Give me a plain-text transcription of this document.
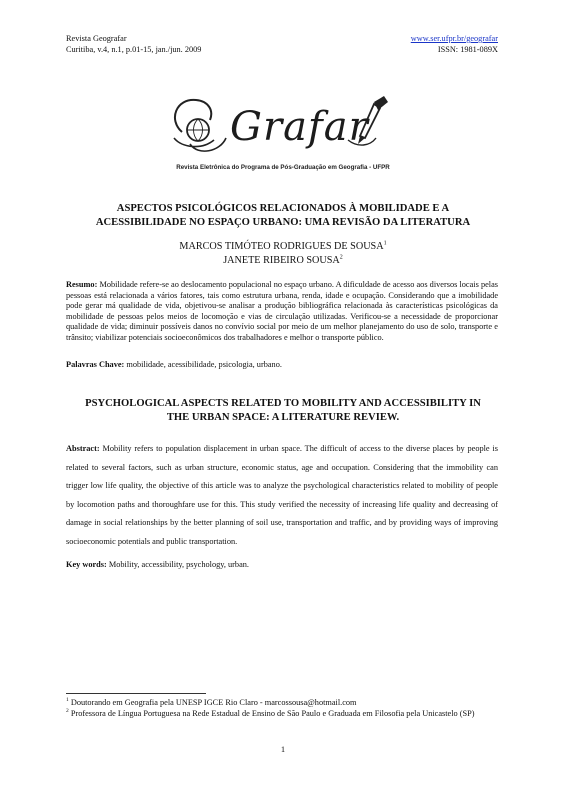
Revista Geografar
Curitiba, v.4, n.1, p.01-15, jan./jun. 2009
www.ser.ufpr.br/geografar
ISSN: 1981-089X
Grafar
Revista Eletrônica do Programa de Pós-Graduação em Geografia - UFPR
ASPECTOS PSICOLÓGICOS RELACIONADOS À MOBILIDADE E A
ACESSIBILIDADE NO ESPAÇO URBANO: UMA REVISÃO DA LITERATURA
MARCOS TIMÓTEO RODRIGUES DE SOUSA$^1$
JANETE RIBEIRO SOUSA$^2$
Resumo: Mobilidade refere-se ao deslocamento populacional no espaço urbano. A dificuldade de acesso aos diversos locais pelas pessoas está relacionada a vários fatores, tais como estrutura urbana, renda, idade e ocupação. Considerando que a imobilidade pode gerar má qualidade de vida, objetivou-se analisar a produção bibliográfica relacionada às características psicológicas da mobilidade de pessoas pelos meios de locomoção e vias de circulação utilizadas. Verificou-se a necessidade de proporcionar qualidade de vida; diminuir possíveis danos no convívio social por meio de um melhor planejamento do uso de solo, transporte e trânsito; viabilizar potenciais socioeconômicos dos trabalhadores e melhor o transporte público.
Palavras Chave: mobilidade, acessibilidade, psicologia, urbano.
PSYCHOLOGICAL ASPECTS RELATED TO MOBILITY AND ACCESSIBILITY IN
THE URBAN SPACE: A LITERATURE REVIEW.
Abstract: Mobility refers to population displacement in urban space. The difficult of access to the diverse places by people is related to several factors, such as urban structure, economic status, age and occupation. Considering that the immobility can trigger low life quality, the objective of this article was to analyze the psychological characteristics related to mobility of people by locomotion paths and thoroughfare use for this. This study verified the necessity of increasing life quality and decreasing of damage in social relationships by the better planning of soil use, transportation and traffic, and by providing ways of improving socioeconomic potentials and public transportation.
Key words: Mobility, accessibility, psychology, urban.

$^1$ Doutorando em Geografia pela UNESP IGCE Rio Claro - marcossousa@hotmail.com

$^2$ Professora de Língua Portuguesa na Rede Estadual de Ensino de São Paulo e Graduada em Filosofia pela Unicastelo (SP)

1
